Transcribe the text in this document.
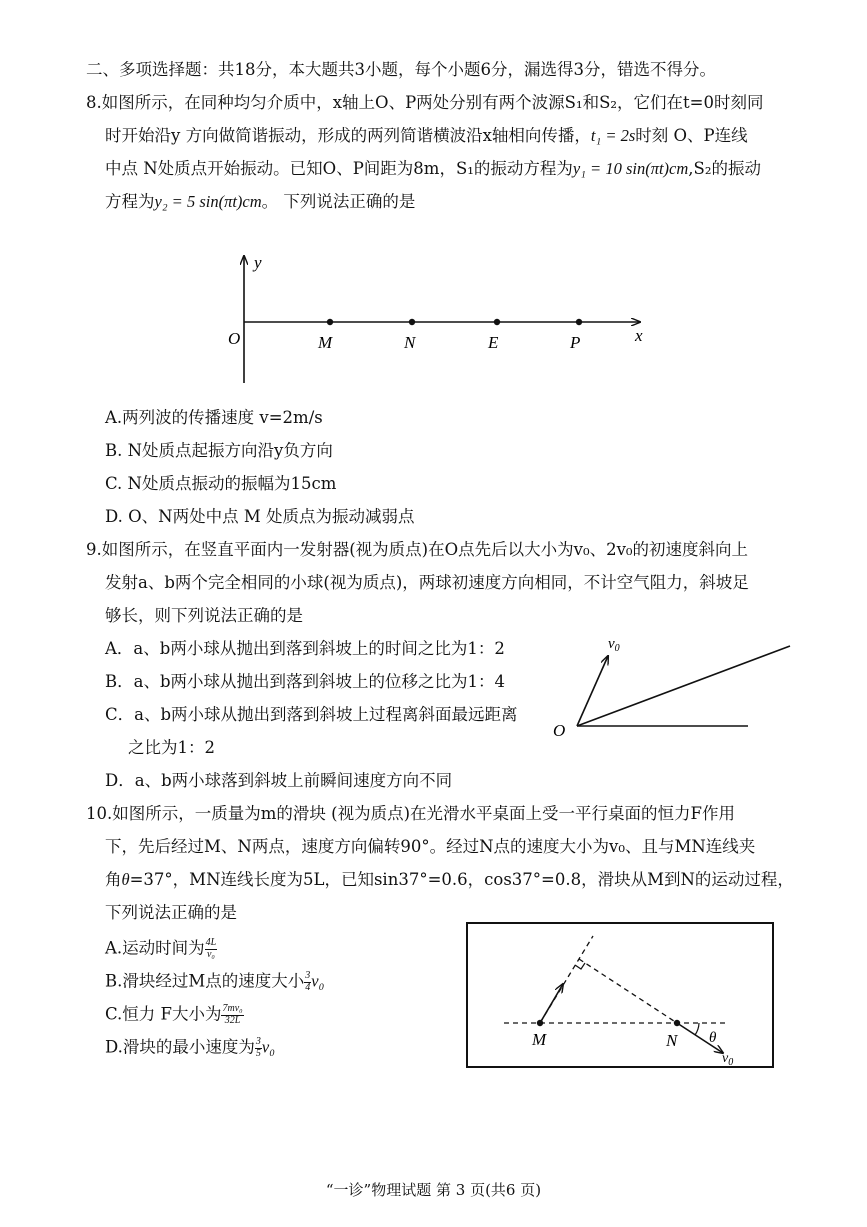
二、多项选择题：共18分，本大题共3小题，每个小题6分，漏选得3分，错选不得分。
8.如图所示，在同种均匀介质中，x轴上O、P两处分别有两个波源S₁和S₂，它们在t=0时刻同
时开始沿y 方向做简谐振动，形成的两列简谐横波沿x轴相向传播，t₁ = 2s时刻 O、P连线
中点 N处质点开始振动。已知O、P间距为8m，S₁的振动方程为y₁ = 10 sin(πt)cm,S₂的振动
方程为y₂ = 5 sin(πt)cm。 下列说法正确的是
y
x
O	M	N	E	P
A.两列波的传播速度 v=2m/s
B. N处质点起振方向沿y负方向
C. N处质点振动的振幅为15cm
D. O、N两处中点 M 处质点为振动减弱点
9.如图所示，在竖直平面内一发射器(视为质点)在O点先后以大小为v₀、2v₀的初速度斜向上
发射a、b两个完全相同的小球(视为质点)，两球初速度方向相同，不计空气阻力，斜坡足
够长，则下列说法正确的是
A．a、b两小球从抛出到落到斜坡上的时间之比为1：2
B．a、b两小球从抛出到落到斜坡上的位移之比为1：4
C．a、b两小球从抛出到落到斜坡上过程离斜面最远距离
之比为1：2
D．a、b两小球落到斜坡上前瞬间速度方向不同
$v_0$
O
10.如图所示，一质量为m的滑块 (视为质点)在光滑水平桌面上受一平行桌面的恒力F作用
下，先后经过M、N两点，速度方向偏转90°。经过N点的速度大小为v₀、且与MN连线夹
角θ=37°，MN连线长度为5L，已知sin37°=0.6，cos37°=0.8，滑块从M到N的运动过程，
下列说法正确的是
A.运动时间为 $\frac{4L}{\text{v₀}}$
B.滑块经过M点的速度大小 $\frac{3}{4} v_0$
C.恒力 F大小为 $\frac{\text{7mv₀}}{32L}$
D.滑块的最小速度为 $\frac{3}{5} v_0$	M	N θ
$v_0$
“一诊”物理试题 第 3 页(共6 页)
